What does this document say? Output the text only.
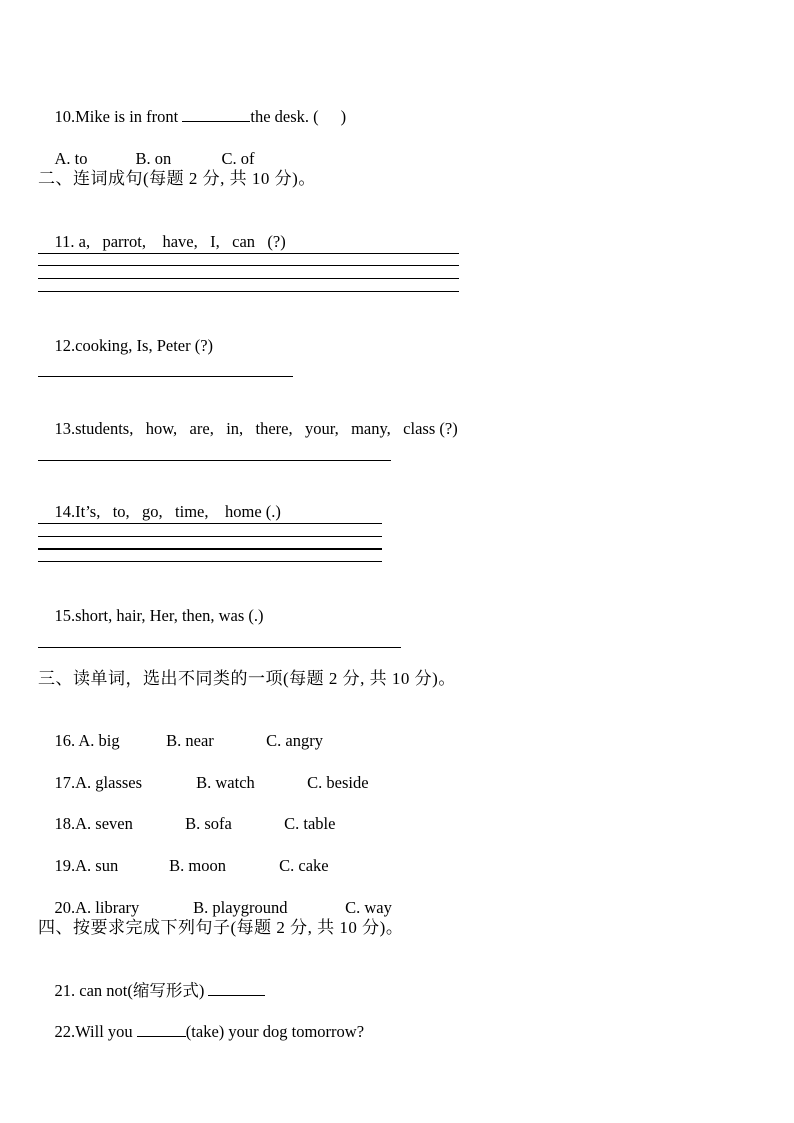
10.Mike is in front	the desk. ( )

A. to	B. on	C. of

二、连词成句(每题 2 分, 共 10 分)。

11. a,   parrot,    have,   I,   can   (?)

12.cooking, Is, Peter (?)

13.students,   how,   are,   in,   there,   your,   many,   class (?)

14.It’s,   to,   go,   time,    home (.)

15.short, hair, Her, then, was (.)

三、读单词，选出不同类的一项(每题 2 分, 共 10 分)。

16. A. big	B. near	C. angry

17.A. glasses	B. watch	C. beside

18.A. seven	B. sofa	C. table

19.A. sun	B. moon	C. cake

20.A. library	B. playground	C. way

四、按要求完成下列句子(每题 2 分, 共 10 分)。

21. can not(缩写形式)

22.Will you	(take) your dog tomorrow?
